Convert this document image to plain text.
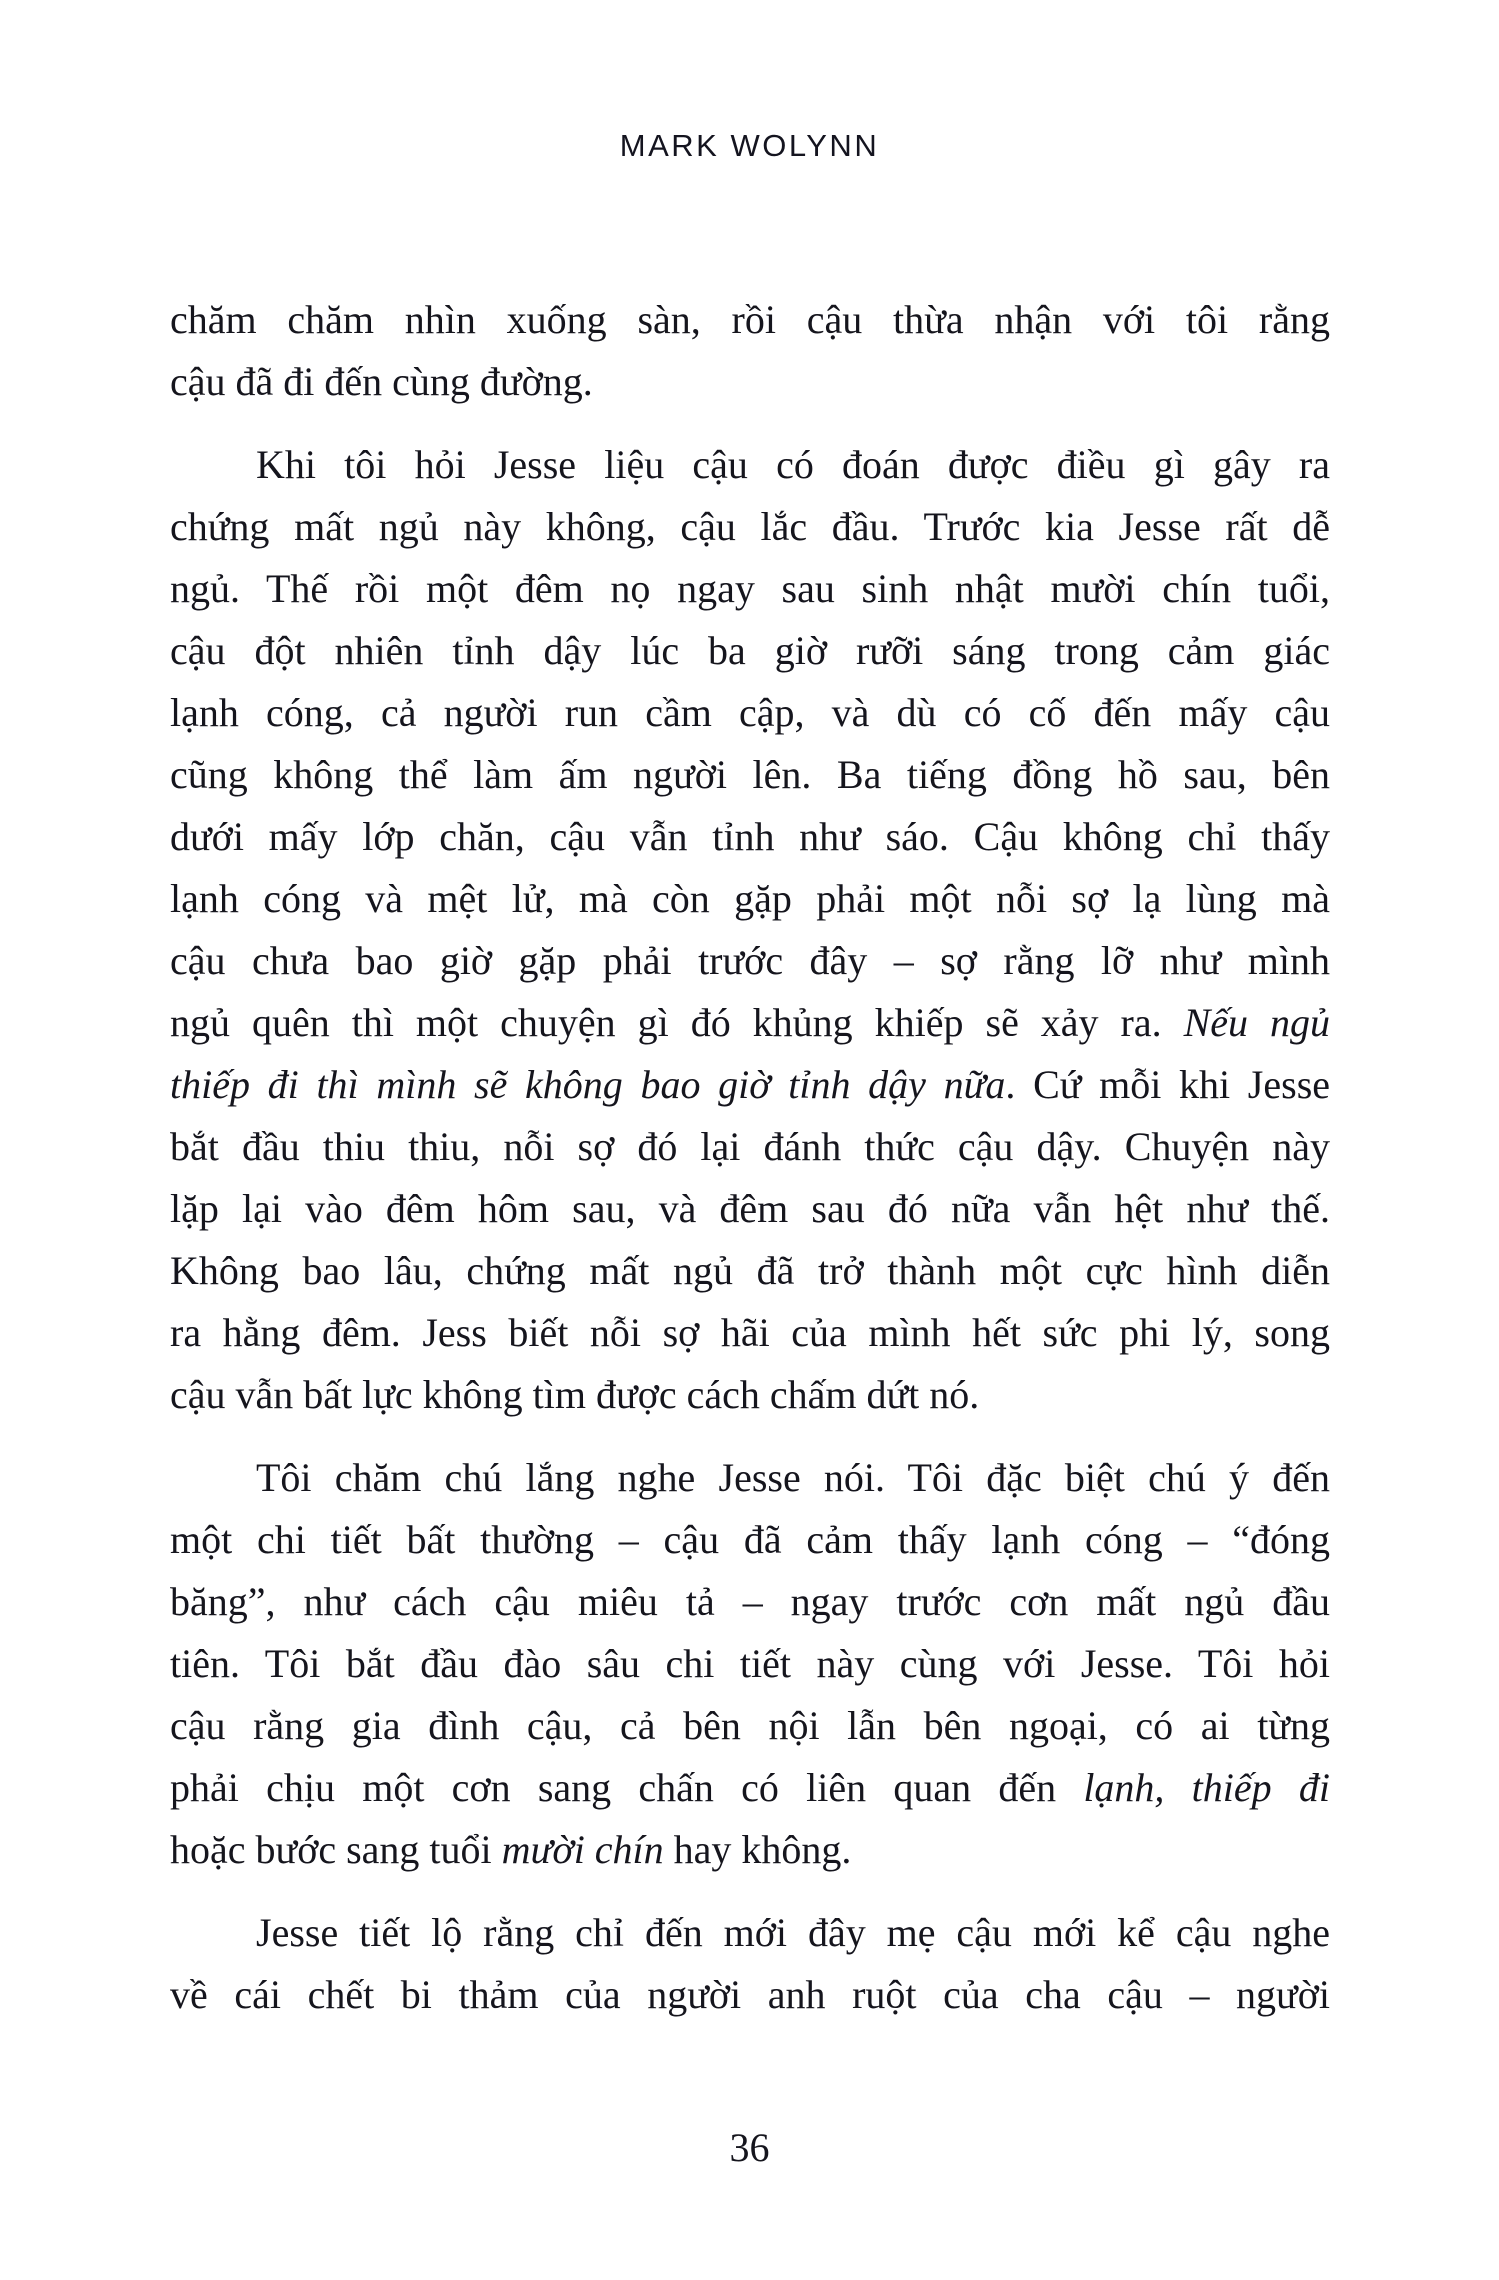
MARK WOLYNN
chăm chăm nhìn xuống sàn, rồi cậu thừa nhận với tôi rằng
cậu đã đi đến cùng đường.
Khi tôi hỏi Jesse liệu cậu có đoán được điều gì gây ra
chứng mất ngủ này không, cậu lắc đầu. Trước kia Jesse rất dễ
ngủ. Thế rồi một đêm nọ ngay sau sinh nhật mười chín tuổi,
cậu đột nhiên tỉnh dậy lúc ba giờ rưỡi sáng trong cảm giác
lạnh cóng, cả người run cầm cập, và dù có cố đến mấy cậu
cũng không thể làm ấm người lên. Ba tiếng đồng hồ sau, bên
dưới mấy lớp chăn, cậu vẫn tỉnh như sáo. Cậu không chỉ thấy
lạnh cóng và mệt lử, mà còn gặp phải một nỗi sợ lạ lùng mà
cậu chưa bao giờ gặp phải trước đây – sợ rằng lỡ như mình
ngủ quên thì một chuyện gì đó khủng khiếp sẽ xảy ra. Nếu ngủ
thiếp đi thì mình sẽ không bao giờ tỉnh dậy nữa. Cứ mỗi khi Jesse
bắt đầu thiu thiu, nỗi sợ đó lại đánh thức cậu dậy. Chuyện này
lặp lại vào đêm hôm sau, và đêm sau đó nữa vẫn hệt như thế.
Không bao lâu, chứng mất ngủ đã trở thành một cực hình diễn
ra hằng đêm. Jess biết nỗi sợ hãi của mình hết sức phi lý, song
cậu vẫn bất lực không tìm được cách chấm dứt nó.
Tôi chăm chú lắng nghe Jesse nói. Tôi đặc biệt chú ý đến
một chi tiết bất thường – cậu đã cảm thấy lạnh cóng – “đóng
băng”, như cách cậu miêu tả – ngay trước cơn mất ngủ đầu
tiên. Tôi bắt đầu đào sâu chi tiết này cùng với Jesse. Tôi hỏi
cậu rằng gia đình cậu, cả bên nội lẫn bên ngoại, có ai từng
phải chịu một cơn sang chấn có liên quan đến lạnh, thiếp đi
hoặc bước sang tuổi mười chín hay không.
Jesse tiết lộ rằng chỉ đến mới đây mẹ cậu mới kể cậu nghe
về cái chết bi thảm của người anh ruột của cha cậu – người
36
